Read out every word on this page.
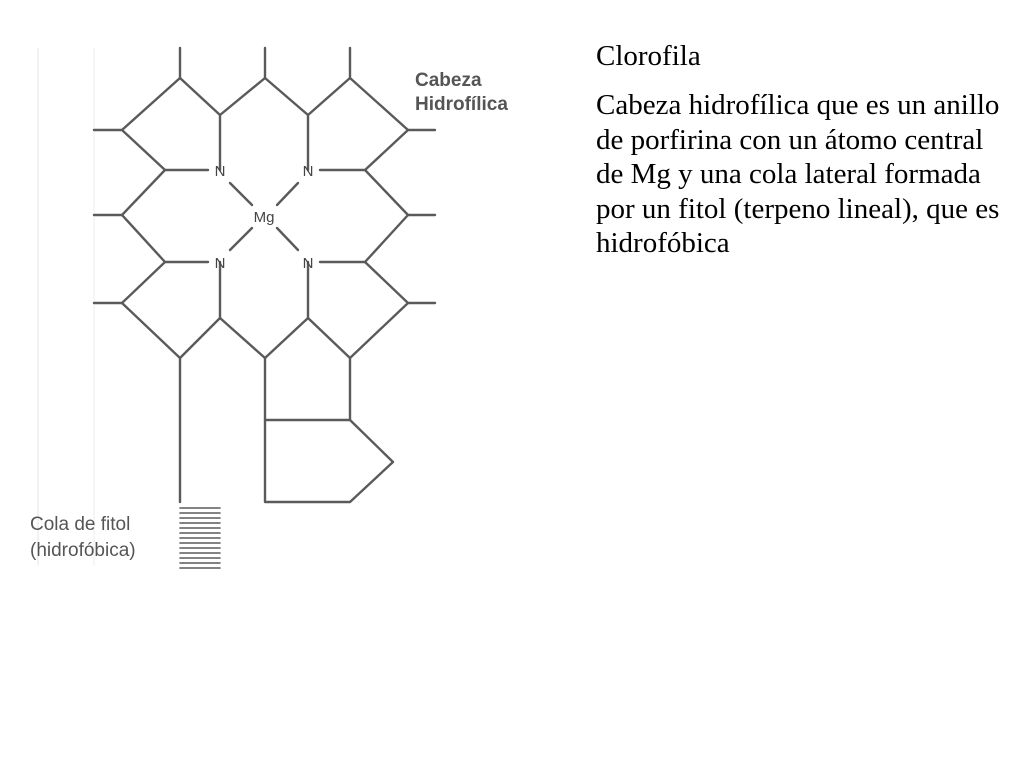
N	N
N	N
Mg
Cabeza
Hidrofílica
Cola de fitol
(hidrofóbica)
Clorofila
Cabeza hidrofílica que es un anillo de porfirina con un átomo central de Mg y una cola lateral formada por un fitol (terpeno lineal), que es hidrofóbica
